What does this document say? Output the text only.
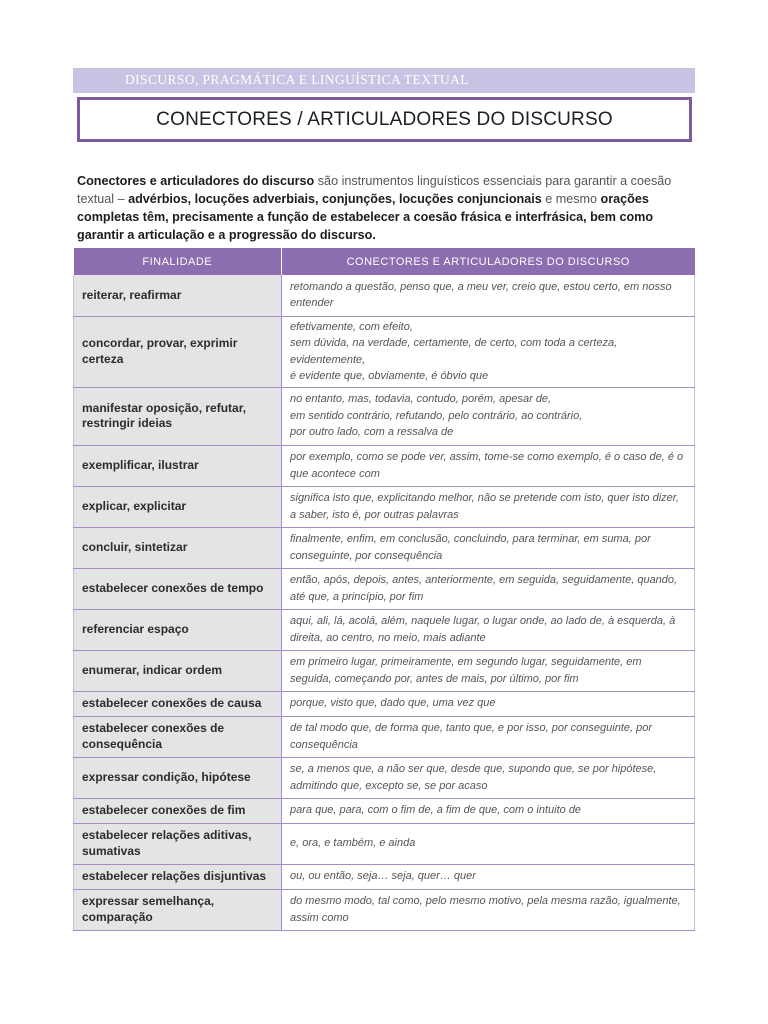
DISCURSO, PRAGMÁTICA E LINGUÍSTICA TEXTUAL
CONECTORES / ARTICULADORES DO DISCURSO

Conectores e articuladores do discurso são instrumentos linguísticos essenciais para garantir a coesão textual – advérbios, locuções adverbiais, conjunções, locuções conjuncionais e mesmo orações completas têm, precisamente a função de estabelecer a coesão frásica e interfrásica, bem como garantir a articulação e a progressão do discurso.

FINALIDADE	CONECTORES E ARTICULADORES DO DISCURSO
reiterar, reafirmar	retomando a questão, penso que, a meu ver, creio que, estou certo, em nosso entender

concordar, provar, exprimir certeza	efetivamente, com efeito,
sem dúvida, na verdade, certamente, de certo, com toda a certeza, evidentemente,
é evidente que, obviamente, é óbvio que

manifestar oposição, refutar, restringir ideias	no entanto, mas, todavia, contudo, porém, apesar de,
em sentido contrário, refutando, pelo contrário, ao contrário,
por outro lado, com a ressalva de

exemplificar, ilustrar	por exemplo, como se pode ver, assim, tome-se como exemplo, é o caso de, é o que acontece com

explicar, explicitar	significa isto que, explicitando melhor, não se pretende com isto, quer isto dizer,
a saber, isto é, por outras palavras

concluir, sintetizar	finalmente, enfim, em conclusão, concluindo, para terminar, em suma, por conseguinte, por consequência

estabelecer conexões de tempo	então, após, depois, antes, anteriormente, em seguida, seguidamente, quando, até que, a princípio, por fim

referenciar espaço	aqui, ali, lá, acolá, além, naquele lugar, o lugar onde, ao lado de, à esquerda, à direita, ao centro, no meio, mais adiante

enumerar, indicar ordem	em primeiro lugar, primeiramente, em segundo lugar, seguidamente, em seguida, começando por, antes de mais, por último, por fim

estabelecer conexões de causa	porque, visto que, dado que, uma vez que

estabelecer conexões de consequência	de tal modo que, de forma que, tanto que, e por isso, por conseguinte, por consequência

expressar condição, hipótese	se, a menos que, a não ser que, desde que, supondo que, se por hipótese, admitindo que, excepto se, se por acaso

estabelecer conexões de fim	para que, para, com o fim de, a fim de que, com o intuito de

estabelecer relações aditivas, sumativas	e, ora, e também, e ainda

estabelecer relações disjuntivas	ou, ou então, seja… seja, quer… quer

expressar semelhança, comparação	do mesmo modo, tal como, pelo mesmo motivo, pela mesma razão, igualmente, assim como
